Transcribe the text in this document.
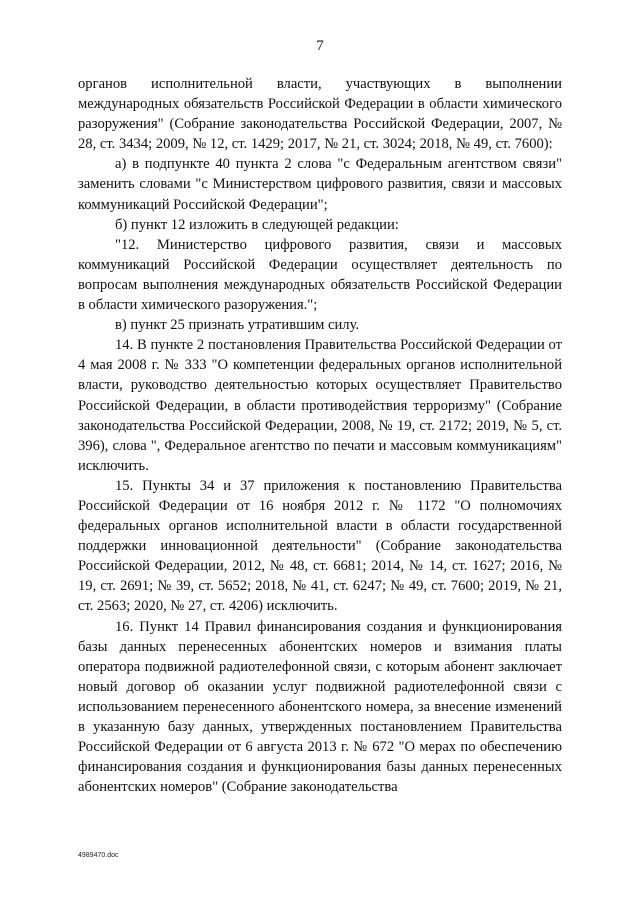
7

органов исполнительной власти, участвующих в выполнении международных обязательств Российской Федерации в области химического разоружения" (Собрание законодательства Российской Федерации, 2007, № 28, ст. 3434; 2009, № 12, ст. 1429; 2017, № 21, ст. 3024; 2018, № 49, ст. 7600):

а) в подпункте 40 пункта 2 слова "с Федеральным агентством связи" заменить словами "с Министерством цифрового развития, связи и массовых коммуникаций Российской Федерации";

б) пункт 12 изложить в следующей редакции:

"12. Министерство цифрового развития, связи и массовых коммуникаций Российской Федерации осуществляет деятельность по вопросам выполнения международных обязательств Российской Федерации в области химического разоружения.";

в) пункт 25 признать утратившим силу.

14. В пункте 2 постановления Правительства Российской Федерации от 4 мая 2008 г. № 333 "О компетенции федеральных органов исполнительной власти, руководство деятельностью которых осуществляет Правительство Российской Федерации, в области противодействия терроризму" (Собрание законодательства Российской Федерации, 2008, № 19, ст. 2172; 2019, № 5, ст. 396), слова ", Федеральное агентство по печати и массовым коммуникациям" исключить.

15. Пункты 34 и 37 приложения к постановлению Правительства Российской Федерации от 16 ноября 2012 г. № 1172 "О полномочиях федеральных органов исполнительной власти в области государственной поддержки инновационной деятельности" (Собрание законодательства Российской Федерации, 2012, № 48, ст. 6681; 2014, № 14, ст. 1627; 2016, № 19, ст. 2691; № 39, ст. 5652; 2018, № 41, ст. 6247; № 49, ст. 7600; 2019, № 21, ст. 2563; 2020, № 27, ст. 4206) исключить.

16. Пункт 14 Правил финансирования создания и функционирования базы данных перенесенных абонентских номеров и взимания платы оператора подвижной радиотелефонной связи, с которым абонент заключает новый договор об оказании услуг подвижной радиотелефонной связи с использованием перенесенного абонентского номера, за внесение изменений в указанную базу данных, утвержденных постановлением Правительства Российской Федерации от 6 августа 2013 г. № 672 "О мерах по обеспечению финансирования создания и функционирования базы данных перенесенных абонентских номеров" (Собрание законодательства

4989470.doc
